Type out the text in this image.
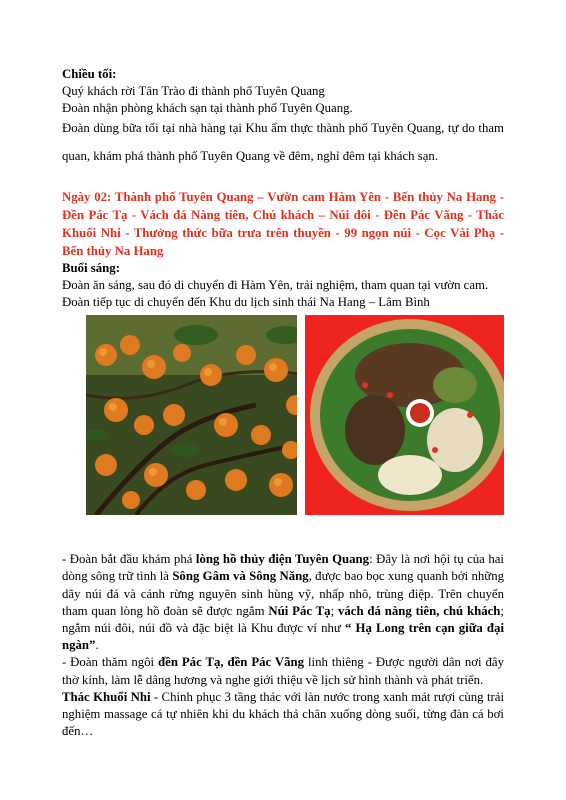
Chiều tối:

Quý khách rời Tân Trào đi thành phố Tuyên Quang

Đoàn nhận phòng khách sạn tại thành phố Tuyên Quang.

Đoàn dùng bữa tối tại nhà hàng tại Khu ẩm thực thành phố Tuyên Quang, tự do tham quan, khám phá thành phố Tuyên Quang về đêm, nghỉ đêm tại khách sạn.

Ngày 02: Thành phố Tuyên Quang – Vườn cam Hàm Yên - Bến thủy Na Hang - Đền Pác Tạ - Vách đá Nàng tiên, Chú khách – Núi đôi - Đền Pác Vãng - Thác Khuổi Nhi - Thưởng thức bữa trưa trên thuyền - 99 ngọn núi - Cọc Vài Phạ - Bến thủy Na Hang

Buổi sáng:

Đoàn ăn sáng, sau đó di chuyển đi Hàm Yên, trải nghiệm, tham quan tại vườn cam.

Đoàn tiếp tục di chuyển đến Khu du lịch sinh thái Na Hang – Lâm Bình

- Đoàn bắt đầu khám phá lòng hồ thủy điện Tuyên Quang: Đây là nơi hội tụ của hai dòng sông trữ tình là Sông Gâm và Sông Năng, được bao bọc xung quanh bởi những dãy núi đá và cánh rừng nguyên sinh hùng vỹ, nhấp nhô, trùng điệp. Trên chuyến tham quan lòng hồ đoàn sẽ được ngắm Núi Pác Tạ; vách đá nàng tiên, chú khách; ngắm núi đôi, núi đồ và đặc biệt là Khu được ví như “ Hạ Long trên cạn giữa đại ngàn”.

- Đoàn thăm ngôi đền Pác Tạ, đền Pác Vãng linh thiêng - Được người dân nơi đây thờ kính, làm lễ dâng hương và nghe giới thiệu về lịch sử hình thành và phát triển.

Thác Khuổi Nhi - Chinh phục 3 tầng thác với làn nước trong xanh mát rượi cùng trải nghiệm massage cá tự nhiên khi du khách thả chân xuống dòng suối, từng đàn cá bơi đến…
